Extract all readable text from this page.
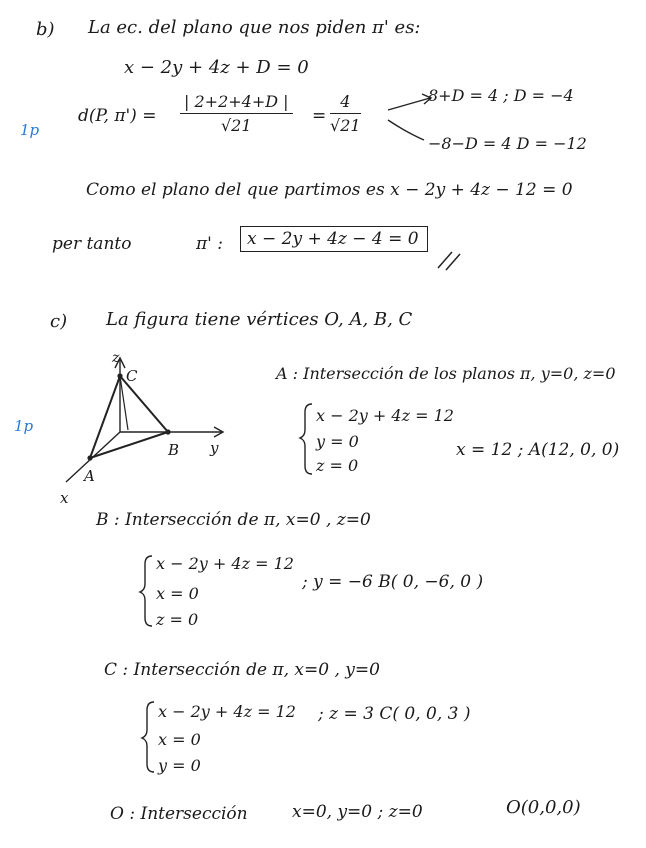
b) La ec. del plano que nos piden π' es:
x − 2y + 4z + D = 0
1p
d(P, $\pi') = \frac{| 2+2+4+D |}{√21} = \frac{4}{√21}$	8+D = 4 ; D = −4
−8−D = 4 D = −12
Como el plano del que partimos es x − 2y + 4z − 12 = 0
per tanto	π' :	x − 2y + 4z − 4 = 0
c) La figura tiene vértices O, A, B, C
1p
z
y
x
C
B
A
A : Intersección de los planos π, y=0, z=0
x − 2y + 4z = 12
y = 0
z = 0
x = 12 ; A(12, 0, 0)
B : Intersección de π, x=0 , z=0
x − 2y + 4z = 12
x = 0
z = 0
; y = −6 B( 0, −6, 0 )
C : Intersección de π, x=0 , y=0
x − 2y + 4z = 12
x = 0
y = 0
; z = 3 C( 0, 0, 3 )
O : Intersección	x=0, y=0 ; z=0	O(0,0,0)
